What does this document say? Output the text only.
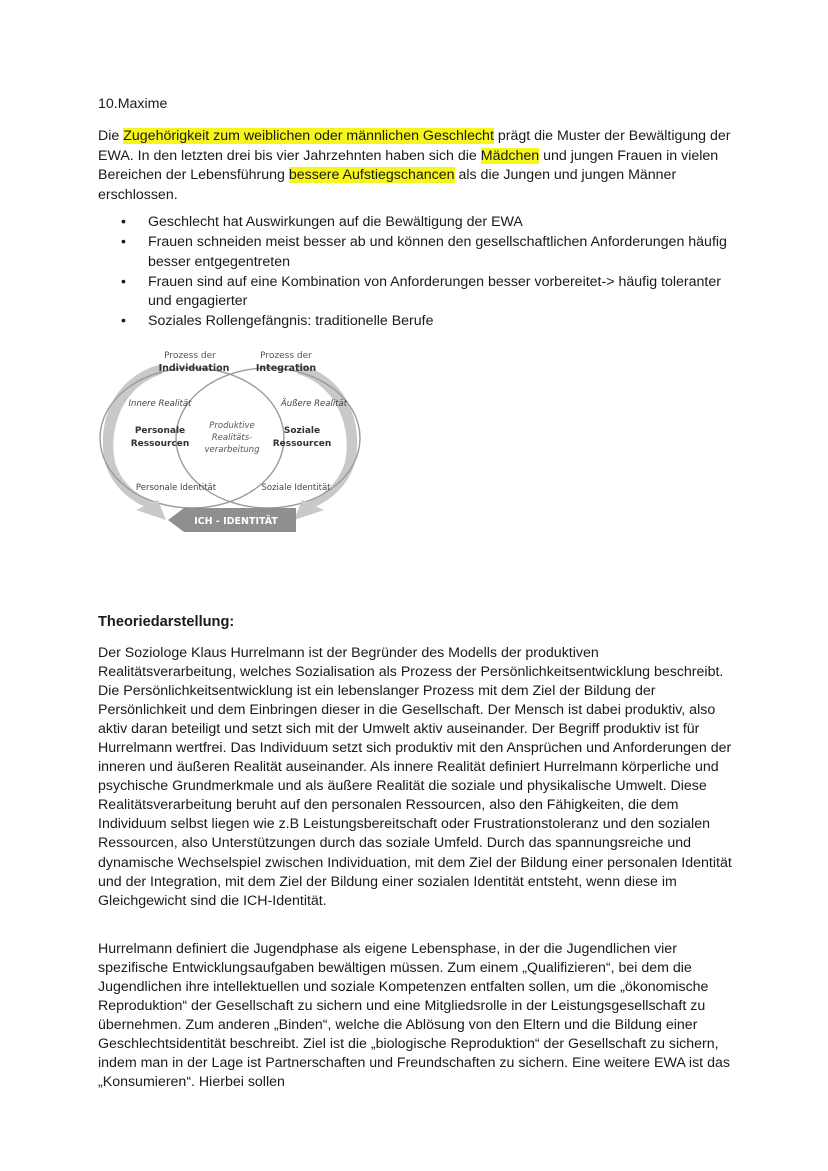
10.Maxime

Die Zugehörigkeit zum weiblichen oder männlichen Geschlecht prägt die Muster der Bewältigung der EWA. In den letzten drei bis vier Jahrzehnten haben sich die Mädchen und jungen Frauen in vielen Bereichen der Lebensführung bessere Aufstiegschancen als die Jungen und jungen Männer erschlossen.

• Geschlecht hat Auswirkungen auf die Bewältigung der EWA
• Frauen schneiden meist besser ab und können den gesellschaftlichen Anforderungen häufig besser entgegentreten
• Frauen sind auf eine Kombination von Anforderungen besser vorbereitet-> häufig toleranter und engagierter
• Soziales Rollengefängnis: traditionelle Berufe
Prozess der
Individuation
Prozess der
Integration
Innere Realität	Äußere Realität
Personale
Ressourcen
Soziale
Ressourcen
Produktive
Realitäts-
verarbeitung
Personale Identität	Soziale Identität
ICH - IDENTITÄT
Theoriedarstellung:

Der Soziologe Klaus Hurrelmann ist der Begründer des Modells der produktiven Realitätsverarbeitung, welches Sozialisation als Prozess der Persönlichkeitsentwicklung beschreibt. Die Persönlichkeitsentwicklung ist ein lebenslanger Prozess mit dem Ziel der Bildung der Persönlichkeit und dem Einbringen dieser in die Gesellschaft. Der Mensch ist dabei produktiv, also aktiv daran beteiligt und setzt sich mit der Umwelt aktiv auseinander. Der Begriff produktiv ist für Hurrelmann wertfrei. Das Individuum setzt sich produktiv mit den Ansprüchen und Anforderungen der inneren und äußeren Realität auseinander. Als innere Realität definiert Hurrelmann körperliche und psychische Grundmerkmale und als äußere Realität die soziale und physikalische Umwelt. Diese Realitätsverarbeitung beruht auf den personalen Ressourcen, also den Fähigkeiten, die dem Individuum selbst liegen wie z.B Leistungsbereitschaft oder Frustrationstoleranz und den sozialen Ressourcen, also Unterstützungen durch das soziale Umfeld. Durch das spannungsreiche und dynamische Wechselspiel zwischen Individuation, mit dem Ziel der Bildung einer personalen Identität und der Integration, mit dem Ziel der Bildung einer sozialen Identität entsteht, wenn diese im Gleichgewicht sind die ICH-Identität.

Hurrelmann definiert die Jugendphase als eigene Lebensphase, in der die Jugendlichen vier spezifische Entwicklungsaufgaben bewältigen müssen. Zum einem „Qualifizieren“, bei dem die Jugendlichen ihre intellektuellen und soziale Kompetenzen entfalten sollen, um die „ökonomische Reproduktion“ der Gesellschaft zu sichern und eine Mitgliedsrolle in der Leistungsgesellschaft zu übernehmen. Zum anderen „Binden“, welche die Ablösung von den Eltern und die Bildung einer Geschlechtsidentität beschreibt. Ziel ist die „biologische Reproduktion“ der Gesellschaft zu sichern, indem man in der Lage ist Partnerschaften und Freundschaften zu sichern. Eine weitere EWA ist das „Konsumieren“. Hierbei sollen
